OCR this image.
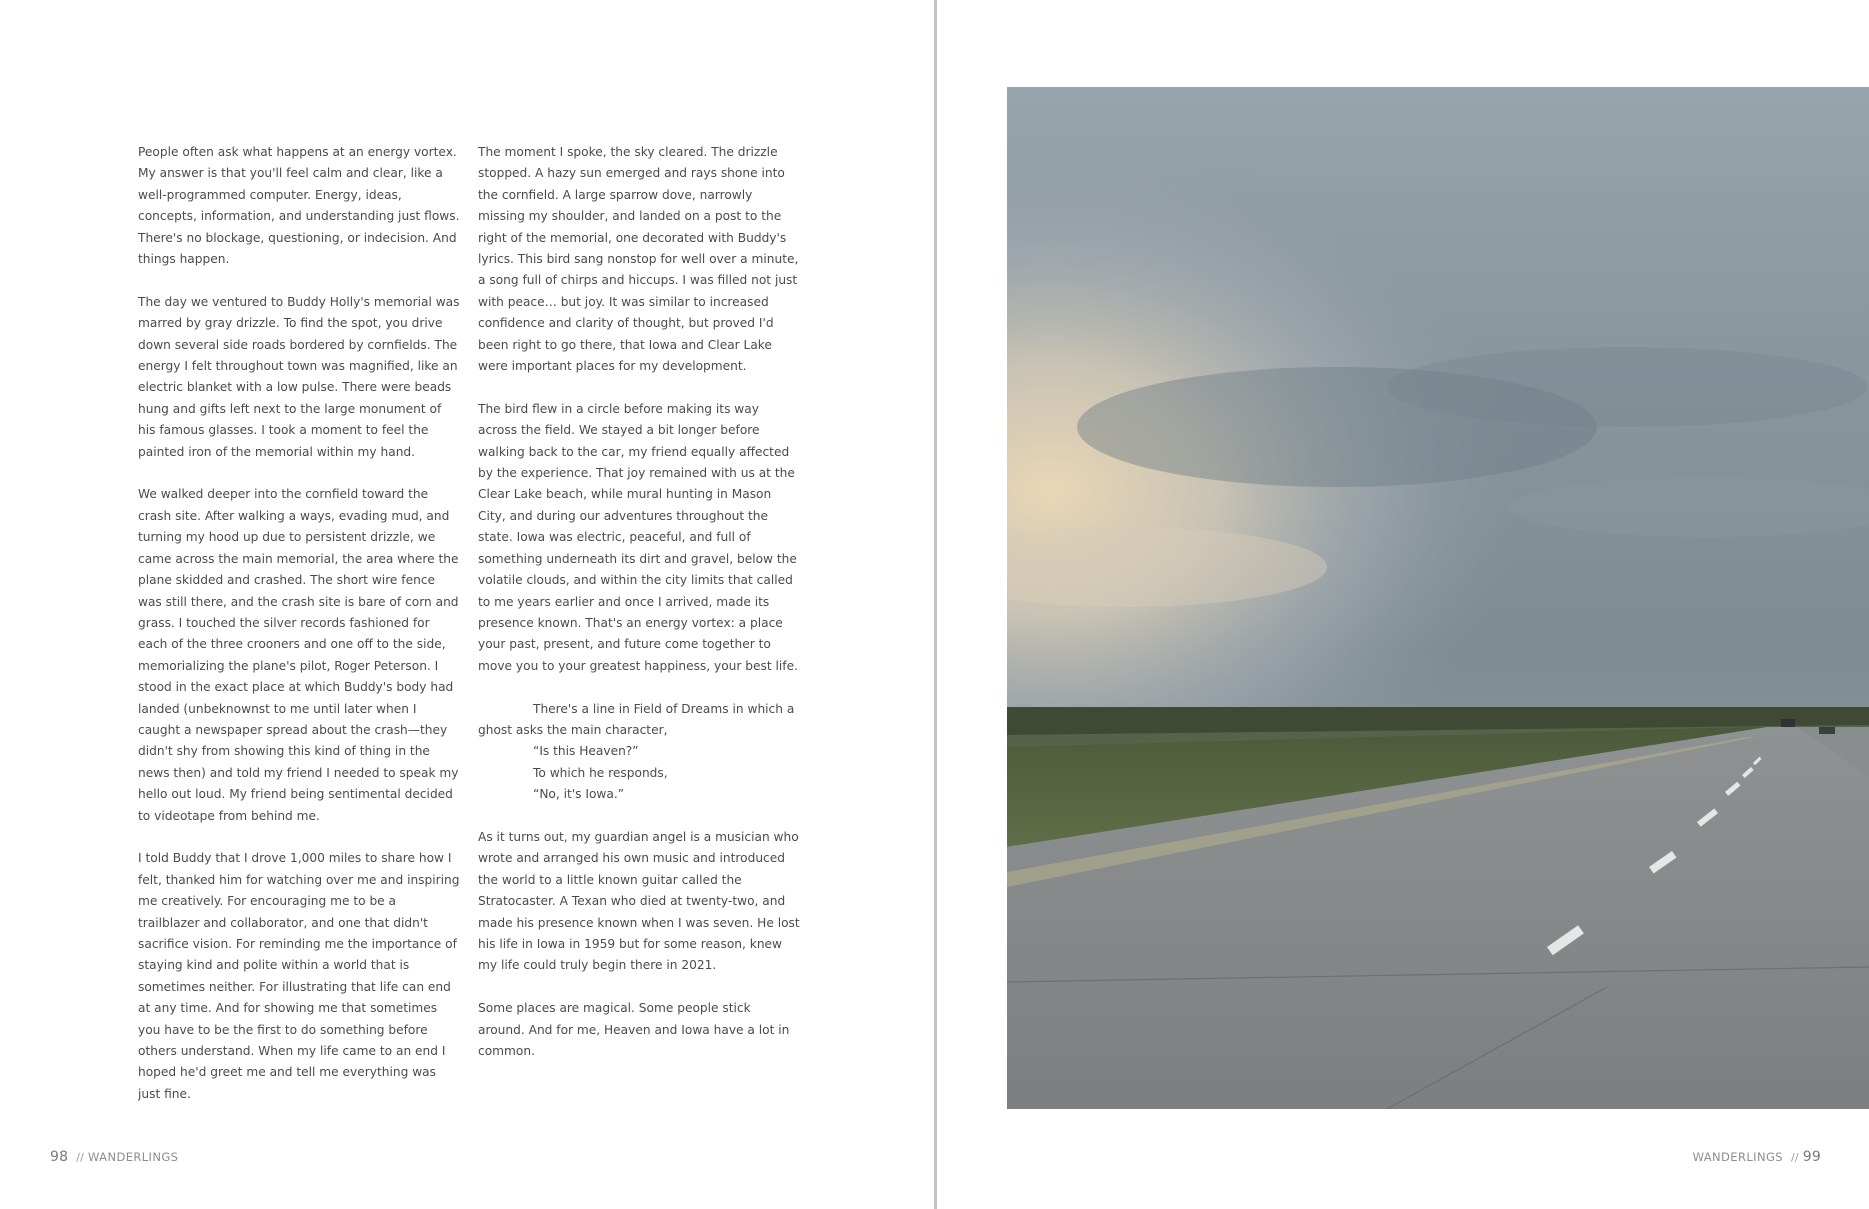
People often ask what happens at an energy vortex. My answer is that you'll feel calm and clear, like a well-programmed computer. Energy, ideas, concepts, information, and understanding just flows. There's no blockage, questioning, or indecision. And things happen.

The day we ventured to Buddy Holly's memorial was marred by gray drizzle. To find the spot, you drive down several side roads bordered by cornfields. The energy I felt throughout town was magnified, like an electric blanket with a low pulse. There were beads hung and gifts left next to the large monument of his famous glasses. I took a moment to feel the painted iron of the memorial within my hand.

We walked deeper into the cornfield toward the crash site. After walking a ways, evading mud, and turning my hood up due to persistent drizzle, we came across the main memorial, the area where the plane skidded and crashed. The short wire fence was still there, and the crash site is bare of corn and grass. I touched the silver records fashioned for each of the three crooners and one off to the side, memorializing the plane's pilot, Roger Peterson. I stood in the exact place at which Buddy's body had landed (unbeknownst to me until later when I caught a newspaper spread about the crash—they didn't shy from showing this kind of thing in the news then) and told my friend I needed to speak my hello out loud. My friend being sentimental decided to videotape from behind me.

I told Buddy that I drove 1,000 miles to share how I felt, thanked him for watching over me and inspiring me creatively. For encouraging me to be a trailblazer and collaborator, and one that didn't sacrifice vision. For reminding me the importance of staying kind and polite within a world that is sometimes neither. For illustrating that life can end at any time. And for showing me that sometimes you have to be the first to do something before others understand. When my life came to an end I hoped he'd greet me and tell me everything was just fine.

The moment I spoke, the sky cleared. The drizzle stopped. A hazy sun emerged and rays shone into the cornfield. A large sparrow dove, narrowly missing my shoulder, and landed on a post to the right of the memorial, one decorated with Buddy's lyrics. This bird sang nonstop for well over a minute, a song full of chirps and hiccups. I was filled not just with peace… but joy. It was similar to increased confidence and clarity of thought, but proved I'd been right to go there, that Iowa and Clear Lake were important places for my development.

The bird flew in a circle before making its way across the field. We stayed a bit longer before walking back to the car, my friend equally affected by the experience. That joy remained with us at the Clear Lake beach, while mural hunting in Mason City, and during our adventures throughout the state. Iowa was electric, peaceful, and full of something underneath its dirt and gravel, below the volatile clouds, and within the city limits that called to me years earlier and once I arrived, made its presence known. That's an energy vortex: a place your past, present, and future come together to move you to your greatest happiness, your best life.

There's a line in Field of Dreams in which a ghost asks the main character,
“Is this Heaven?”
To which he responds,
“No, it's Iowa.”

As it turns out, my guardian angel is a musician who wrote and arranged his own music and introduced the world to a little known guitar called the Stratocaster. A Texan who died at twenty-two, and made his presence known when I was seven. He lost his life in Iowa in 1959 but for some reason, knew my life could truly begin there in 2021.

Some places are magical. Some people stick around. And for me, Heaven and Iowa have a lot in common.

98 // WANDERLINGS	WANDERLINGS // 99
